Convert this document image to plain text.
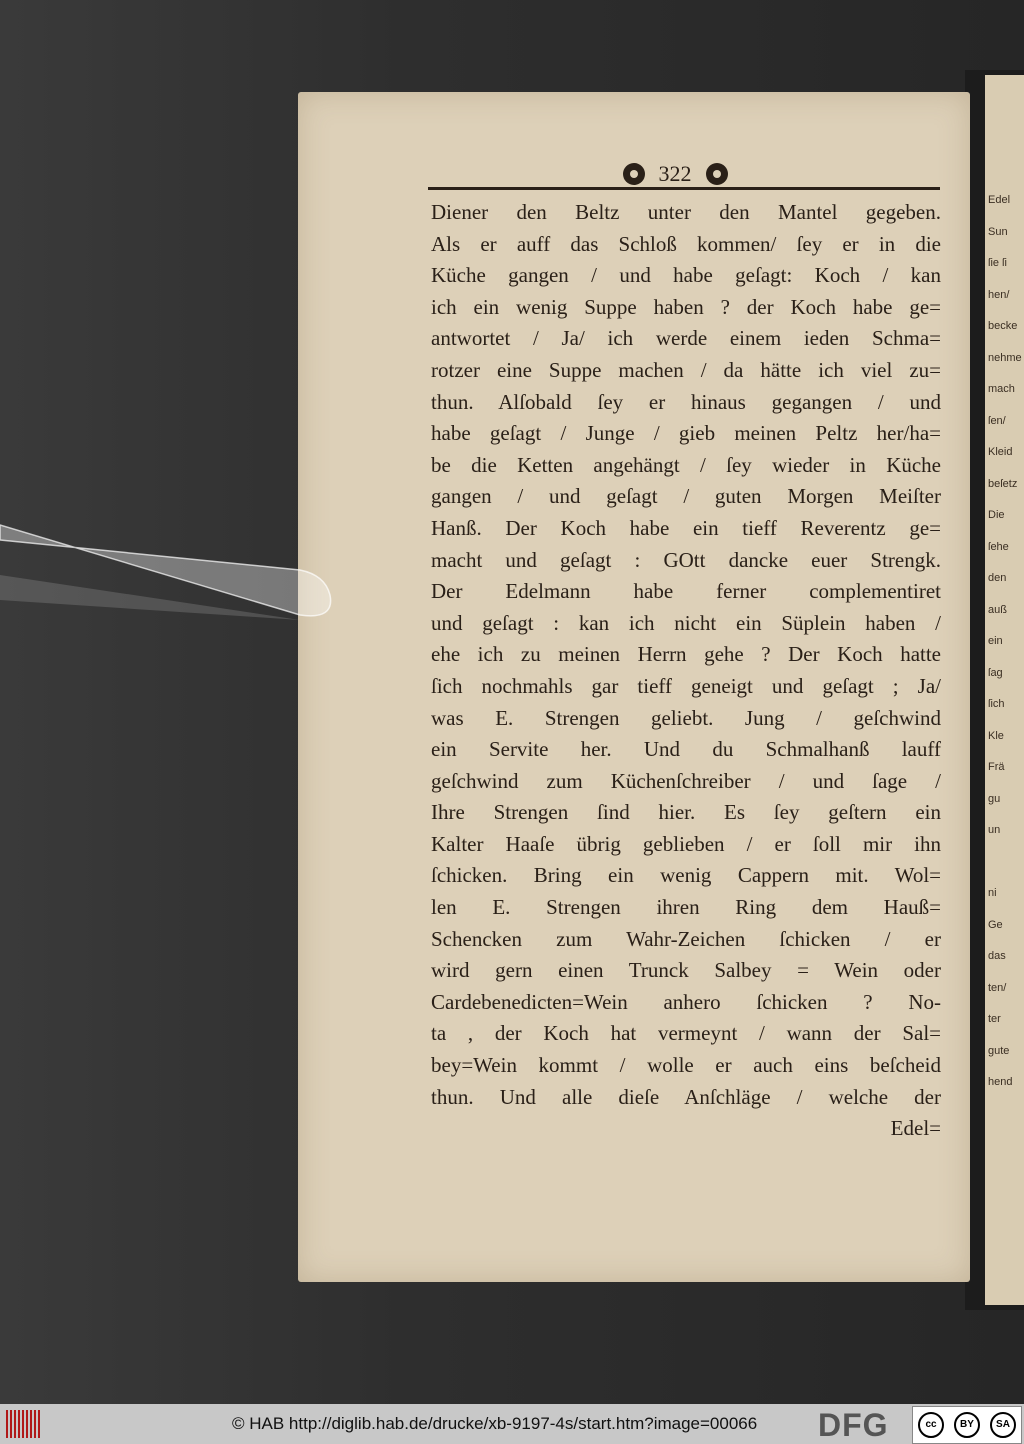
Edel
Sun
ſie ſi
hen/
becke
nehme
mach
ſen/
Kleid
beſetz
Die
ſehe
den
auß
ein
ſag
ſich
Kle
Frä
gu
un
ni
Ge
das
ten/
ter
gute
hend
322
Diener den Beltz unter den Mantel gegeben.
Als er auff das Schloß kommen/ ſey er in die
Küche gangen / und habe geſagt: Koch / kan
ich ein wenig Suppe haben ? der Koch habe ge=
antwortet / Ja/ ich werde einem ieden Schma=
rotzer eine Suppe machen / da hätte ich viel zu=
thun. Alſobald ſey er hinaus gegangen / und
habe geſagt / Junge / gieb meinen Peltz her/ha=
be die Ketten angehängt / ſey wieder in Küche
gangen / und geſagt / guten Morgen Meiſter
Hanß. Der Koch habe ein tieff Reverentz ge=
macht und geſagt : GOtt dancke euer Strengk.
Der Edelmann habe ferner complementiret
und geſagt : kan ich nicht ein Süplein haben /
ehe ich zu meinen Herrn gehe ? Der Koch hatte
ſich nochmahls gar tieff geneigt und geſagt ; Ja/
was E. Strengen geliebt. Jung / geſchwind
ein Servite her. Und du Schmalhanß lauff
geſchwind zum Küchenſchreiber / und ſage /
Ihre Strengen ſind hier. Es ſey geſtern ein
Kalter Haaſe übrig geblieben / er ſoll mir ihn
ſchicken. Bring ein wenig Cappern mit. Wol=
len E. Strengen ihren Ring dem Hauß=
Schencken zum Wahr-Zeichen ſchicken / er
wird gern einen Trunck Salbey = Wein oder
Cardebenedicten=Wein anhero ſchicken ? No-
ta , der Koch hat vermeynt / wann der Sal=
bey=Wein kommt / wolle er auch eins beſcheid
thun. Und alle dieſe Anſchläge / welche der
Edel=
© HAB http://diglib.hab.de/drucke/xb-9197-4s/start.htm?image=00066 DFG	cc	BY	SA
